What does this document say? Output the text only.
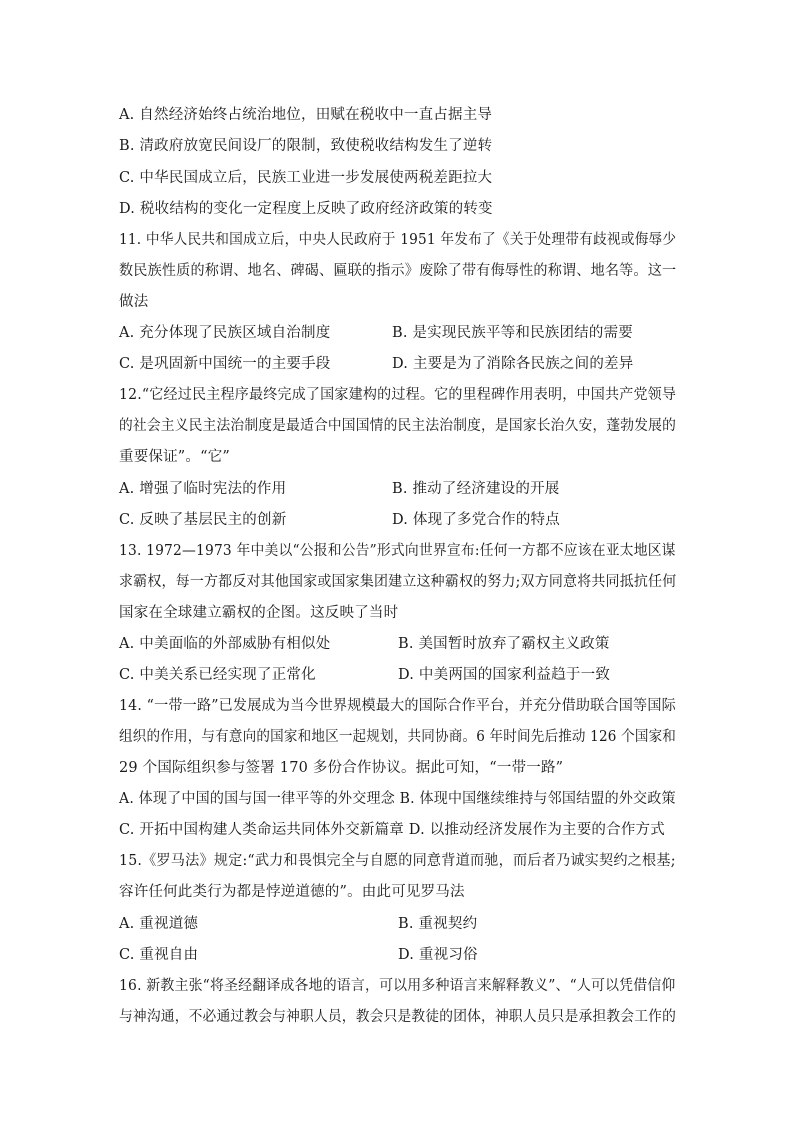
A. 自然经济始终占统治地位，田赋在税收中一直占据主导
B. 清政府放宽民间设厂的限制，致使税收结构发生了逆转
C. 中华民国成立后，民族工业进一步发展使两税差距拉大
D. 税收结构的变化一定程度上反映了政府经济政策的转变
11. 中华人民共和国成立后，中央人民政府于 1951 年发布了《关于处理带有歧视或侮辱少
数民族性质的称谓、地名、碑碣、匾联的指示》废除了带有侮辱性的称谓、地名等。这一
做法
A. 充分体现了民族区域自治制度	B. 是实现民族平等和民族团结的需要
C. 是巩固新中国统一的主要手段	D. 主要是为了消除各民族之间的差异
12.“它经过民主程序最终完成了国家建构的过程。它的里程碑作用表明，中国共产党领导
的社会主义民主法治制度是最适合中国国情的民主法治制度，是国家长治久安，蓬勃发展的
重要保证”。“它”
A. 增强了临时宪法的作用	B. 推动了经济建设的开展
C. 反映了基层民主的创新	D. 体现了多党合作的特点
13. 1972—1973 年中美以“公报和公告”形式向世界宣布:任何一方都不应该在亚太地区谋
求霸权，每一方都反对其他国家或国家集团建立这种霸权的努力;双方同意将共同抵抗任何
国家在全球建立霸权的企图。这反映了当时
A. 中美面临的外部威胁有相似处	B. 美国暂时放弃了霸权主义政策
C. 中美关系已经实现了正常化	D. 中美两国的国家利益趋于一致
14. “一带一路”已发展成为当今世界规模最大的国际合作平台，并充分借助联合国等国际
组织的作用，与有意向的国家和地区一起规划，共同协商。6 年时间先后推动 126 个国家和
29 个国际组织参与签署 170 多份合作协议。据此可知，“一带一路”
A. 体现了中国的国与国一律平等的外交理念 B. 体现中国继续维持与邻国结盟的外交政策
C. 开拓中国构建人类命运共同体外交新篇章 D. 以推动经济发展作为主要的合作方式
15.《罗马法》规定:“武力和畏惧完全与自愿的同意背道而驰，而后者乃诚实契约之根基;
容许任何此类行为都是悖逆道德的”。由此可见罗马法
A. 重视道德	B. 重视契约
C. 重视自由	D. 重视习俗
16. 新教主张“将圣经翻译成各地的语言，可以用多种语言来解释教义”、“人可以凭借信仰
与神沟通，不必通过教会与神职人员，教会只是教徒的团体，神职人员只是承担教会工作的
